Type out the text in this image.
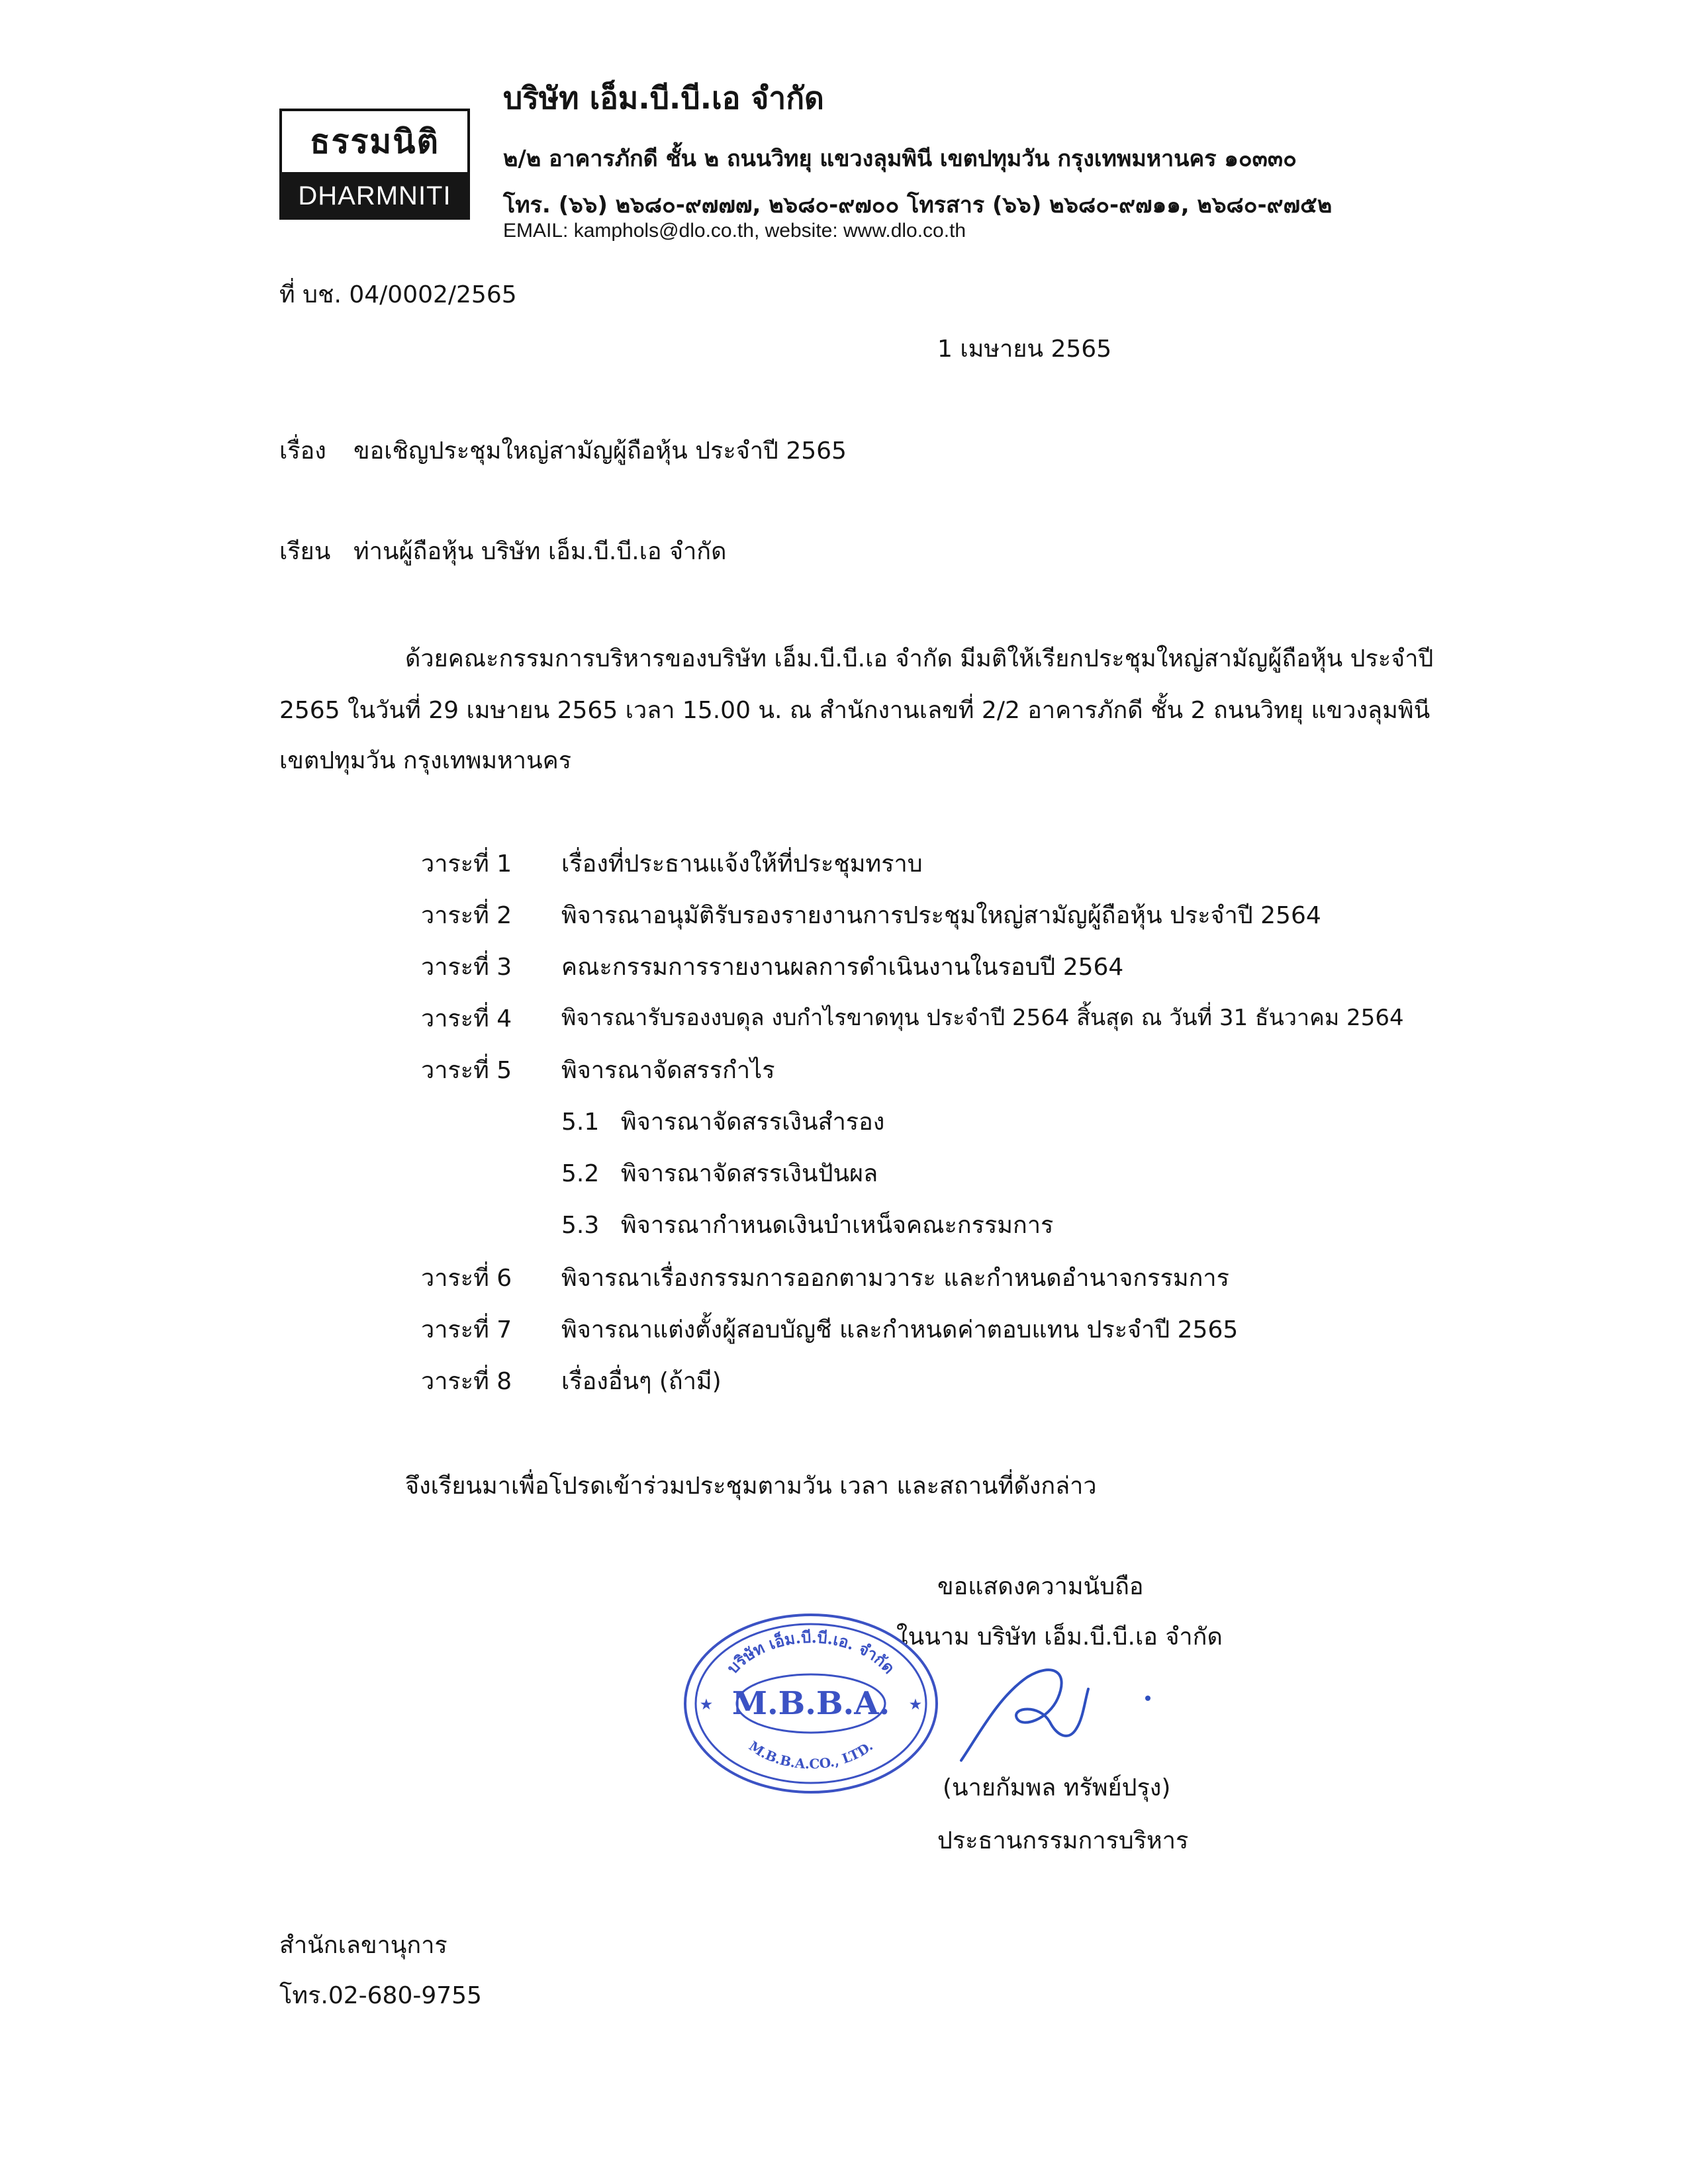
ธรรมนิติ
DHARMNITI
บริษัท เอ็ม.บี.บี.เอ จำกัด
๒/๒ อาคารภักดี ชั้น ๒ ถนนวิทยุ แขวงลุมพินี เขตปทุมวัน กรุงเทพมหานคร ๑๐๓๓๐
โทร. (๖๖) ๒๖๘๐-๙๗๗๗, ๒๖๘๐-๙๗๐๐ โทรสาร (๖๖) ๒๖๘๐-๙๗๑๑, ๒๖๘๐-๙๗๕๒
EMAIL: kamphols@dlo.co.th, website: www.dlo.co.th
ที่ บช. 04/0002/2565
1 เมษายน 2565
เรื่อง ขอเชิญประชุมใหญ่สามัญผู้ถือหุ้น ประจำปี 2565
เรียน ท่านผู้ถือหุ้น บริษัท เอ็ม.บี.บี.เอ จำกัด
ด้วยคณะกรรมการบริหารของบริษัท เอ็ม.บี.บี.เอ จำกัด มีมติให้เรียกประชุมใหญ่สามัญผู้ถือหุ้น ประจำปี
2565 ในวันที่ 29 เมษายน 2565 เวลา 15.00 น. ณ สำนักงานเลขที่ 2/2 อาคารภักดี ชั้น 2 ถนนวิทยุ แขวงลุมพินี
เขตปทุมวัน กรุงเทพมหานคร
วาระที่ 1 เรื่องที่ประธานแจ้งให้ที่ประชุมทราบ
วาระที่ 2 พิจารณาอนุมัติรับรองรายงานการประชุมใหญ่สามัญผู้ถือหุ้น ประจำปี 2564
วาระที่ 3 คณะกรรมการรายงานผลการดำเนินงานในรอบปี 2564
วาระที่ 4 พิจารณารับรองงบดุล งบกำไรขาดทุน ประจำปี 2564 สิ้นสุด ณ วันที่ 31 ธันวาคม 2564
วาระที่ 5 พิจารณาจัดสรรกำไร
5.1 พิจารณาจัดสรรเงินสำรอง
5.2 พิจารณาจัดสรรเงินปันผล
5.3 พิจารณากำหนดเงินบำเหน็จคณะกรรมการ
วาระที่ 6 พิจารณาเรื่องกรรมการออกตามวาระ และกำหนดอำนาจกรรมการ
วาระที่ 7 พิจารณาแต่งตั้งผู้สอบบัญชี และกำหนดค่าตอบแทน ประจำปี 2565
วาระที่ 8 เรื่องอื่นๆ (ถ้ามี)
จึงเรียนมาเพื่อโปรดเข้าร่วมประชุมตามวัน เวลา และสถานที่ดังกล่าว
ขอแสดงความนับถือ
ในนาม บริษัท เอ็ม.บี.บี.เอ จำกัด
บริษัท เอ็ม.บี.บี.เอ. จำกัด
M.B.B.A.
M.B.B.A.CO., LTD.
★	★
(นายกัมพล ทรัพย์ปรุง)
ประธานกรรมการบริหาร
สำนักเลขานุการ
โทร.02-680-9755
